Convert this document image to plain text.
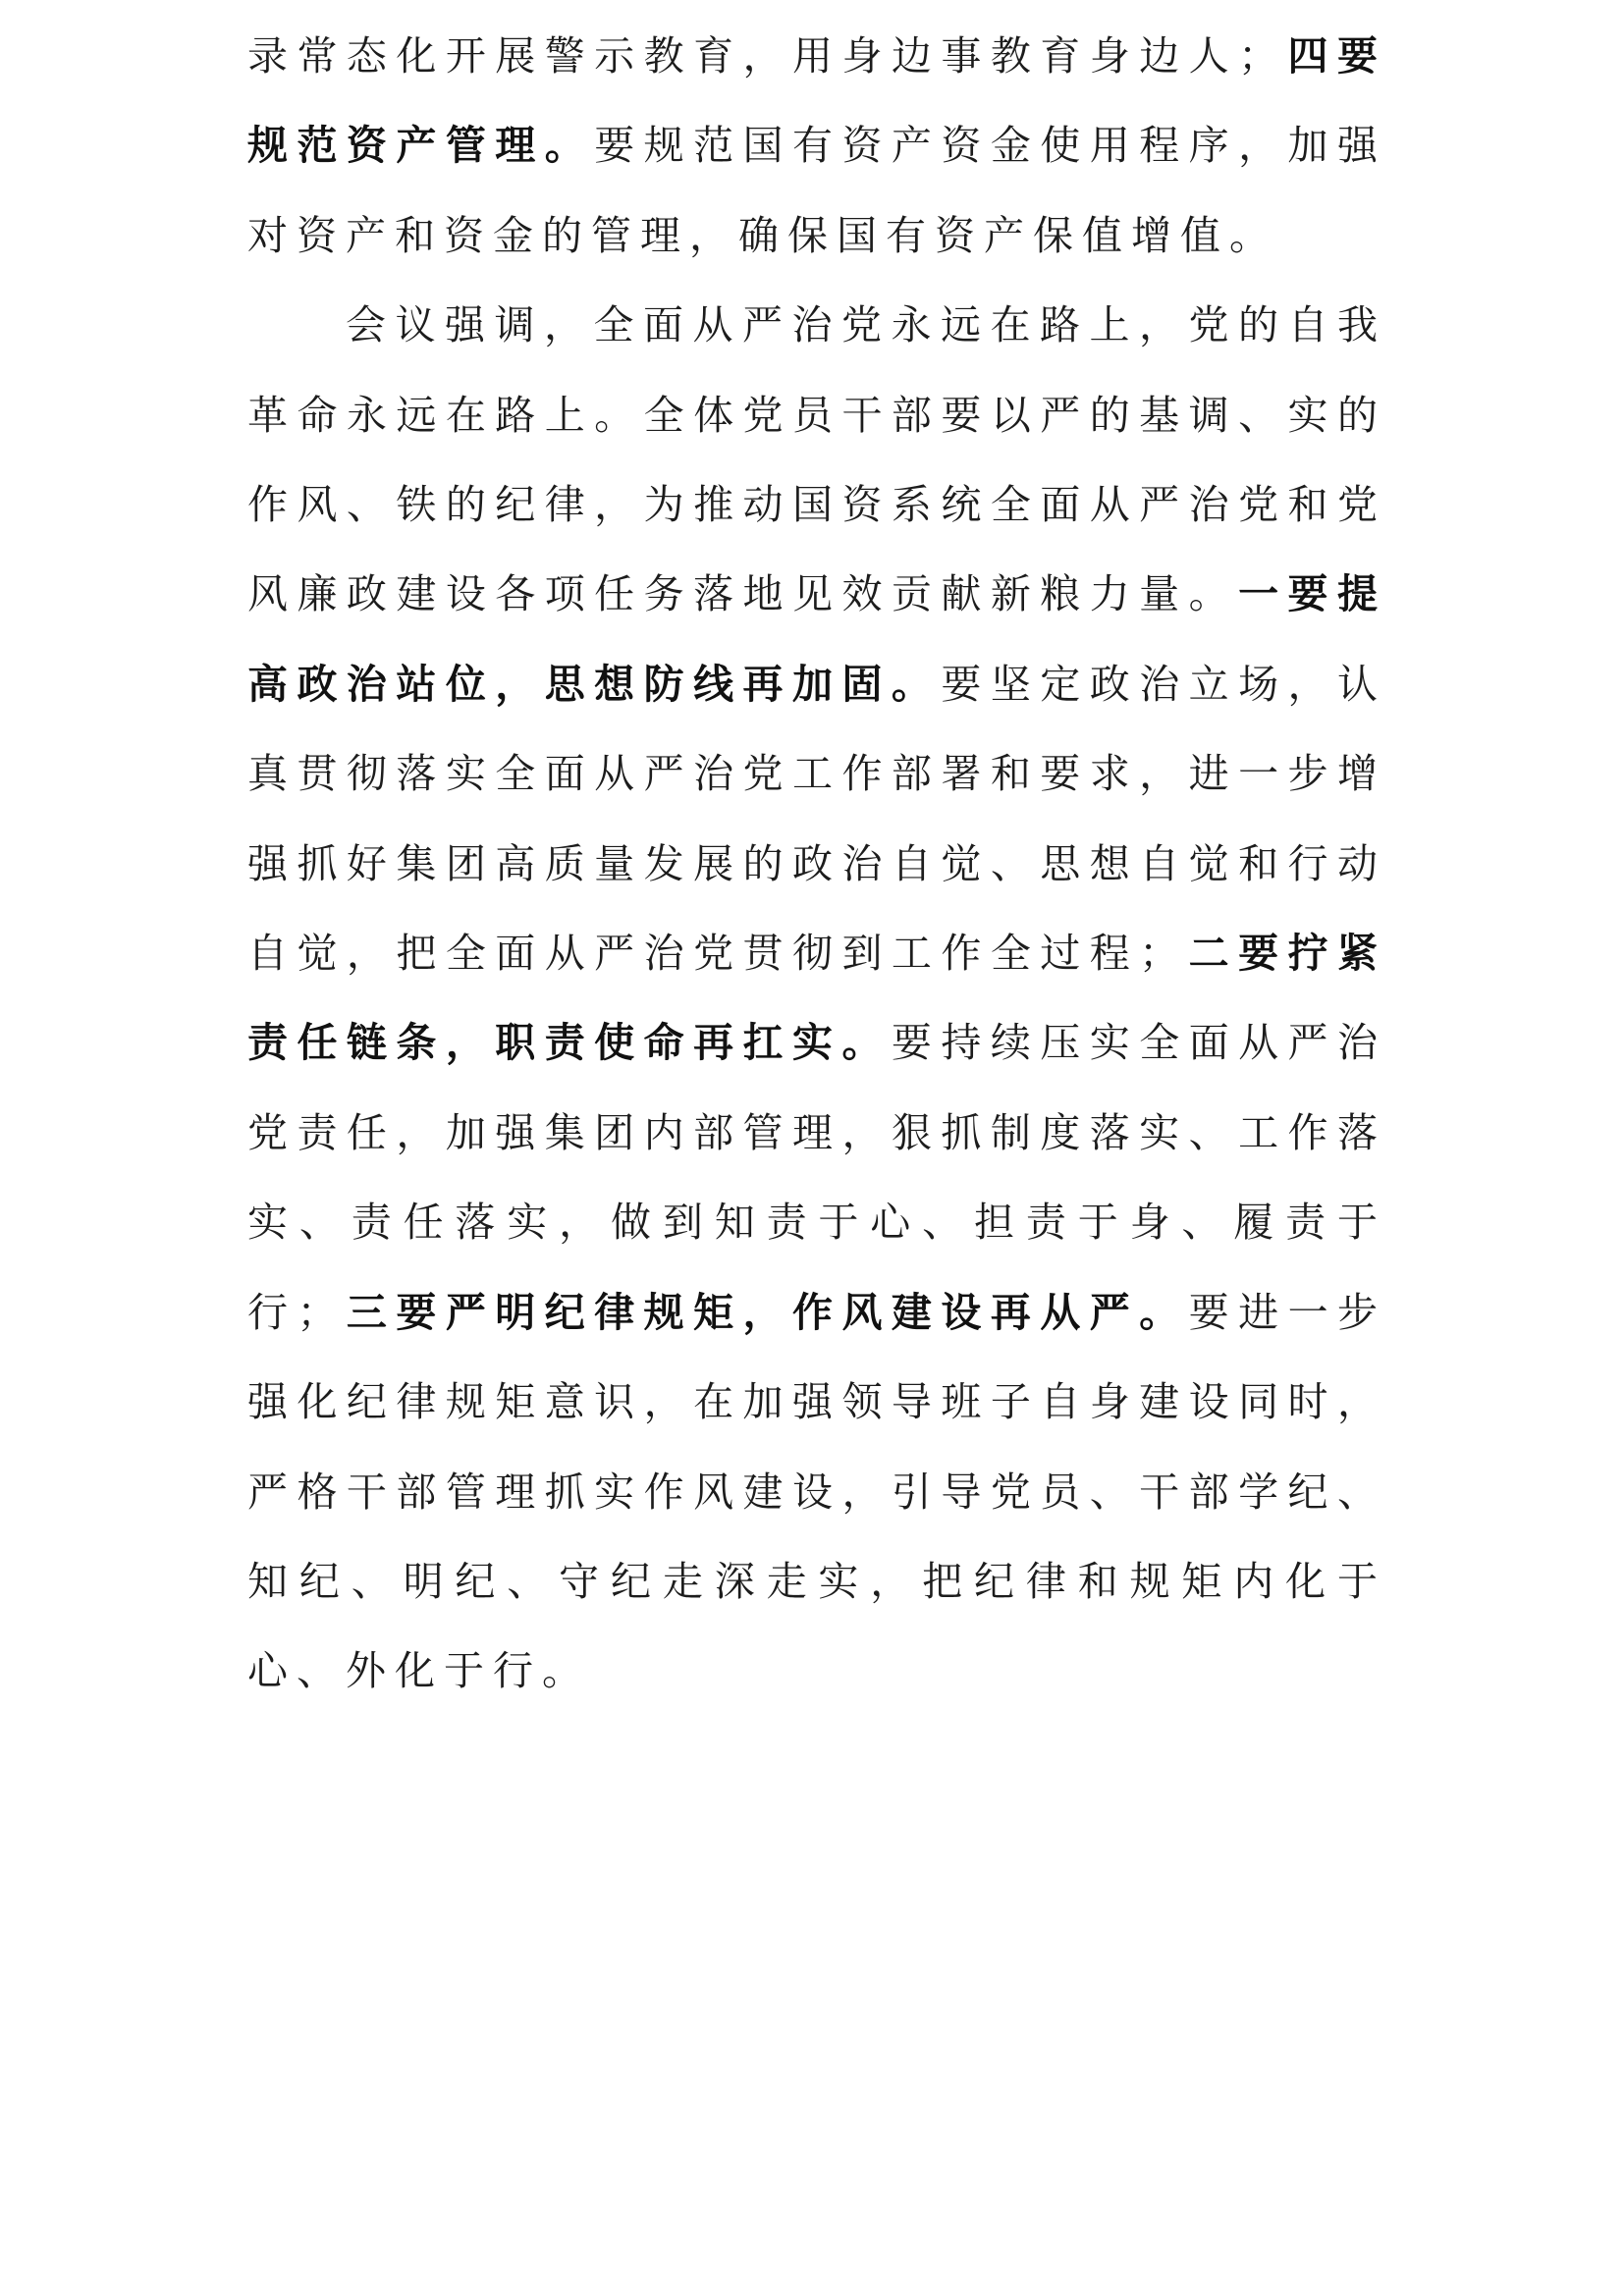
录常态化开展警示教育，用身边事教育身边人；四要规范资产管理。要规范国有资产资金使用程序，加强对资产和资金的管理，确保国有资产保值增值。

会议强调，全面从严治党永远在路上，党的自我革命永远在路上。全体党员干部要以严的基调、实的作风、铁的纪律，为推动国资系统全面从严治党和党风廉政建设各项任务落地见效贡献新粮力量。一要提高政治站位，思想防线再加固。要坚定政治立场，认真贯彻落实全面从严治党工作部署和要求，进一步增强抓好集团高质量发展的政治自觉、思想自觉和行动自觉，把全面从严治党贯彻到工作全过程；二要拧紧责任链条，职责使命再扛实。要持续压实全面从严治党责任，加强集团内部管理，狠抓制度落实、工作落实、责任落实，做到知责于心、担责于身、履责于行；三要严明纪律规矩，作风建设再从严。要进一步强化纪律规矩意识，在加强领导班子自身建设同时，严格干部管理抓实作风建设，引导党员、干部学纪、知纪、明纪、守纪走深走实，把纪律和规矩内化于心、外化于行。
